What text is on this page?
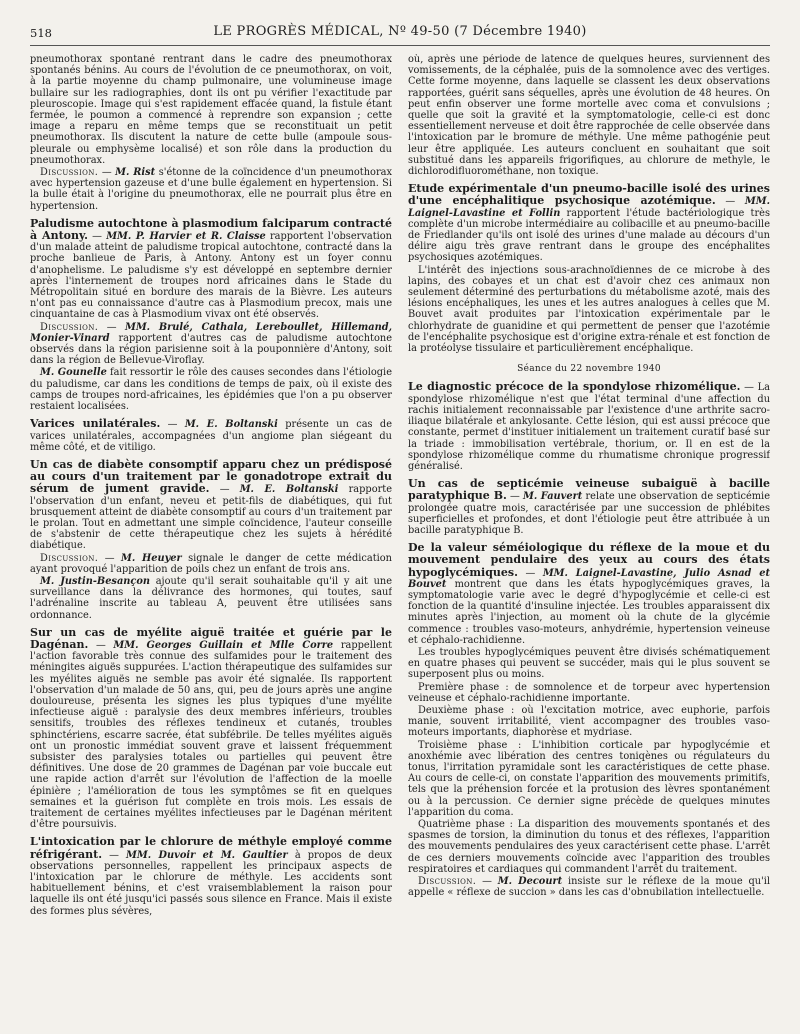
518	LE PROGRÈS MÉDICAL, Nº 49-50 (7 Décembre 1940)

pneumothorax spontané rentrant dans le cadre des pneumothorax spontanés bénins. Au cours de l'évolution de ce pneumothorax, on voit, à la partie moyenne du champ pulmonaire, une volumineuse image bullaire sur les radiographies, dont ils ont pu vérifier l'exactitude par pleuroscopie. Image qui s'est rapidement effacée quand, la fistule étant fermée, le poumon a commencé à reprendre son expansion ; cette image a reparu en même temps que se reconstituait un petit pneumothorax. Ils discutent la nature de cette bulle (ampoule sous-pleurale ou emphysème localisé) et son rôle dans la production du pneumothorax.

Discussion. — M. Rist s'étonne de la coïncidence d'un pneumothorax avec hypertension gazeuse et d'une bulle également en hypertension. Si la bulle était à l'origine du pneumothorax, elle ne pourrait plus être en hypertension.

Paludisme autochtone à plasmodium falciparum contracté à Antony. — MM. P. Harvier et R. Claisse rapportent l'observation d'un malade atteint de paludisme tropical autochtone, contracté dans la proche banlieue de Paris, à Antony. Antony est un foyer connu d'anophelisme. Le paludisme s'y est développé en septembre dernier après l'internement de troupes nord africaines dans le Stade du Métropolitain situé en bordure des marais de la Bièvre. Les auteurs n'ont pas eu connaissance d'autre cas à Plasmodium precox, mais une cinquantaine de cas à Plasmodium vivax ont été observés.

Discussion. — MM. Brulé, Cathala, Lereboullet, Hillemand, Monier-Vinard rapportent d'autres cas de paludisme autochtone observés dans la région parisienne soit à la pouponnière d'Antony, soit dans la région de Bellevue-Viroflay.

M. Gounelle fait ressortir le rôle des causes secondes dans l'étiologie du paludisme, car dans les conditions de temps de paix, où il existe des camps de troupes nord-africaines, les épidémies que l'on a pu observer restaient localisées.

Varices unilatérales. — M. E. Boltanski présente un cas de varices unilatérales, accompagnées d'un angiome plan siégeant du même côté, et de vitiligo.

Un cas de diabète consomptif apparu chez un prédisposé au cours d'un traitement par le gonadotrope extrait du sérum de jument gravide. — M. E. Boltanski rapporte l'observation d'un enfant, neveu et petit-fils de diabétiques, qui fut brusquement atteint de diabète consomptif au cours d'un traitement par le prolan. Tout en admettant une simple coïncidence, l'auteur conseille de s'abstenir de cette thérapeutique chez les sujets à hérédité diabétique.

Discussion. — M. Heuyer signale le danger de cette médication ayant provoqué l'apparition de poils chez un enfant de trois ans.

M. Justin-Besançon ajoute qu'il serait souhaitable qu'il y ait une surveillance dans la délivrance des hormones, qui toutes, sauf l'adrénaline inscrite au tableau A, peuvent être utilisées sans ordonnance.

Sur un cas de myélite aiguë traitée et guérie par le Dagénan. — MM. Georges Guillain et Mlle Corre rappellent l'action favorable très connue des sulfamides pour le traitement des méningites aiguës suppurées. L'action thérapeutique des sulfamides sur les myélites aiguës ne semble pas avoir été signalée. Ils rapportent l'observation d'un malade de 50 ans, qui, peu de jours après une angine douloureuse, présenta les signes les plus typiques d'une myélite infectieuse aiguë : paralysie des deux membres inférieurs, troubles sensitifs, troubles des réflexes tendineux et cutanés, troubles sphinctériens, escarre sacrée, état subfébrile. De telles myélites aiguës ont un pronostic immédiat souvent grave et laissent fréquemment subsister des paralysies totales ou partielles qui peuvent être définitives. Une dose de 20 grammes de Dagénan par voie buccale eut une rapide action d'arrêt sur l'évolution de l'affection de la moelle épinière ; l'amélioration de tous les symptômes se fit en quelques semaines et la guérison fut complète en trois mois. Les essais de traitement de certaines myélites infectieuses par le Dagénan méritent d'être poursuivis.

L'intoxication par le chlorure de méthyle employé comme réfrigérant. — MM. Duvoir et M. Gaultier à propos de deux observations personnelles, rappellent les principaux aspects de l'intoxication par le chlorure de méthyle. Les accidents sont habituellement bénins, et c'est vraisemblablement la raison pour laquelle ils ont été jusqu'ici passés sous silence en France. Mais il existe des formes plus sévères,

où, après une période de latence de quelques heures, surviennent des vomissements, de la céphalée, puis de la somnolence avec des vertiges. Cette forme moyenne, dans laquelle se classent les deux observations rapportées, guérit sans séquelles, après une évolution de 48 heures. On peut enfin observer une forme mortelle avec coma et convulsions ; quelle que soit la gravité et la symptomatologie, celle-ci est donc essentiellement nerveuse et doit être rapprochée de celle observée dans l'intoxication par le bromure de méthyle. Une même pathogénie peut leur être appliquée. Les auteurs concluent en souhaitant que soit substitué dans les appareils frigorifiques, au chlorure de methyle, le dichlorodifluorométhane, non toxique.

Etude expérimentale d'un pneumo-bacille isolé des urines d'une encéphalitique psychosique azotémique. — MM. Laignel-Lavastine et Follin rapportent l'étude bactériologique très complète d'un microbe intermédiaire au colibacille et au pneumo-bacille de Friedlander qu'ils ont isolé des urines d'une malade au décours d'un délire aigu très grave rentrant dans le groupe des encéphalites psychosiques azotémiques.

L'intérêt des injections sous-arachnoïdiennes de ce microbe à des lapins, des cobayes et un chat est d'avoir chez ces animaux non seulement déterminé des perturbations du métabolisme azoté, mais des lésions encéphaliques, les unes et les autres analogues à celles que M. Bouvet avait produites par l'intoxication expérimentale par le chlorhydrate de guanidine et qui permettent de penser que l'azotémie de l'encéphalite psychosique est d'origine extra-rénale et est fonction de la protéolyse tissulaire et particulièrement encéphalique.

Séance du 22 novembre 1940

Le diagnostic précoce de la spondylose rhizomélique. — La spondylose rhizomélique n'est que l'état terminal d'une affection du rachis initialement reconnaissable par l'existence d'une arthrite sacro-iliaque bilatérale et ankylosante. Cette lésion, qui est aussi précoce que constante, permet d'instituer initialement un traitement curatif basé sur la triade : immobilisation vertébrale, thorium, or. Il en est de la spondylose rhizomélique comme du rhumatisme chronique progressif généralisé.

Un cas de septicémie veineuse subaiguë à bacille paratyphique B. — M. Fauvert relate une observation de septicémie prolongée quatre mois, caractérisée par une succession de phlébites superficielles et profondes, et dont l'étiologie peut être attribuée à un bacille paratyphique B.

De la valeur séméiologique du réflexe de la moue et du mouvement pendulaire des yeux au cours des états hypoglycémiques. — MM. Laignel-Lavastine, Julio Asnad et Bouvet montrent que dans les états hypoglycémiques graves, la symptomatologie varie avec le degré d'hypoglycémie et celle-ci est fonction de la quantité d'insuline injectée. Les troubles apparaissent dix minutes après l'injection, au moment où la chute de la glycémie commence : troubles vaso-moteurs, anhydrémie, hypertension veineuse et céphalo-rachidienne.

Les troubles hypoglycémiques peuvent être divisés schématiquement en quatre phases qui peuvent se succéder, mais qui le plus souvent se superposent plus ou moins.

Première phase : de somnolence et de torpeur avec hypertension veineuse et céphalo-rachidienne importante.

Deuxième phase : où l'excitation motrice, avec euphorie, parfois manie, souvent irritabilité, vient accompagner des troubles vaso-moteurs importants, diaphorèse et mydriase.

Troisième phase : L'inhibition corticale par hypoglycémie et anoxhémie avec libération des centres toniqènes ou régulateurs du tonus, l'irritation pyramidale sont les caractéristiques de cette phase. Au cours de celle-ci, on constate l'apparition des mouvements primitifs, tels que la préhension forcée et la protusion des lèvres spontanément ou à la percussion. Ce dernier signe précède de quelques minutes l'apparition du coma.

Quatrième phase : La disparition des mouvements spontanés et des spasmes de torsion, la diminution du tonus et des réflexes, l'apparition des mouvements pendulaires des yeux caractérisent cette phase. L'arrêt de ces derniers mouvements coïncide avec l'apparition des troubles respiratoires et cardiaques qui commandent l'arrêt du traitement.

Discussion. — M. Decourt insiste sur le réflexe de la moue qu'il appelle « réflexe de succion » dans les cas d'obnubilation intellectuelle.
